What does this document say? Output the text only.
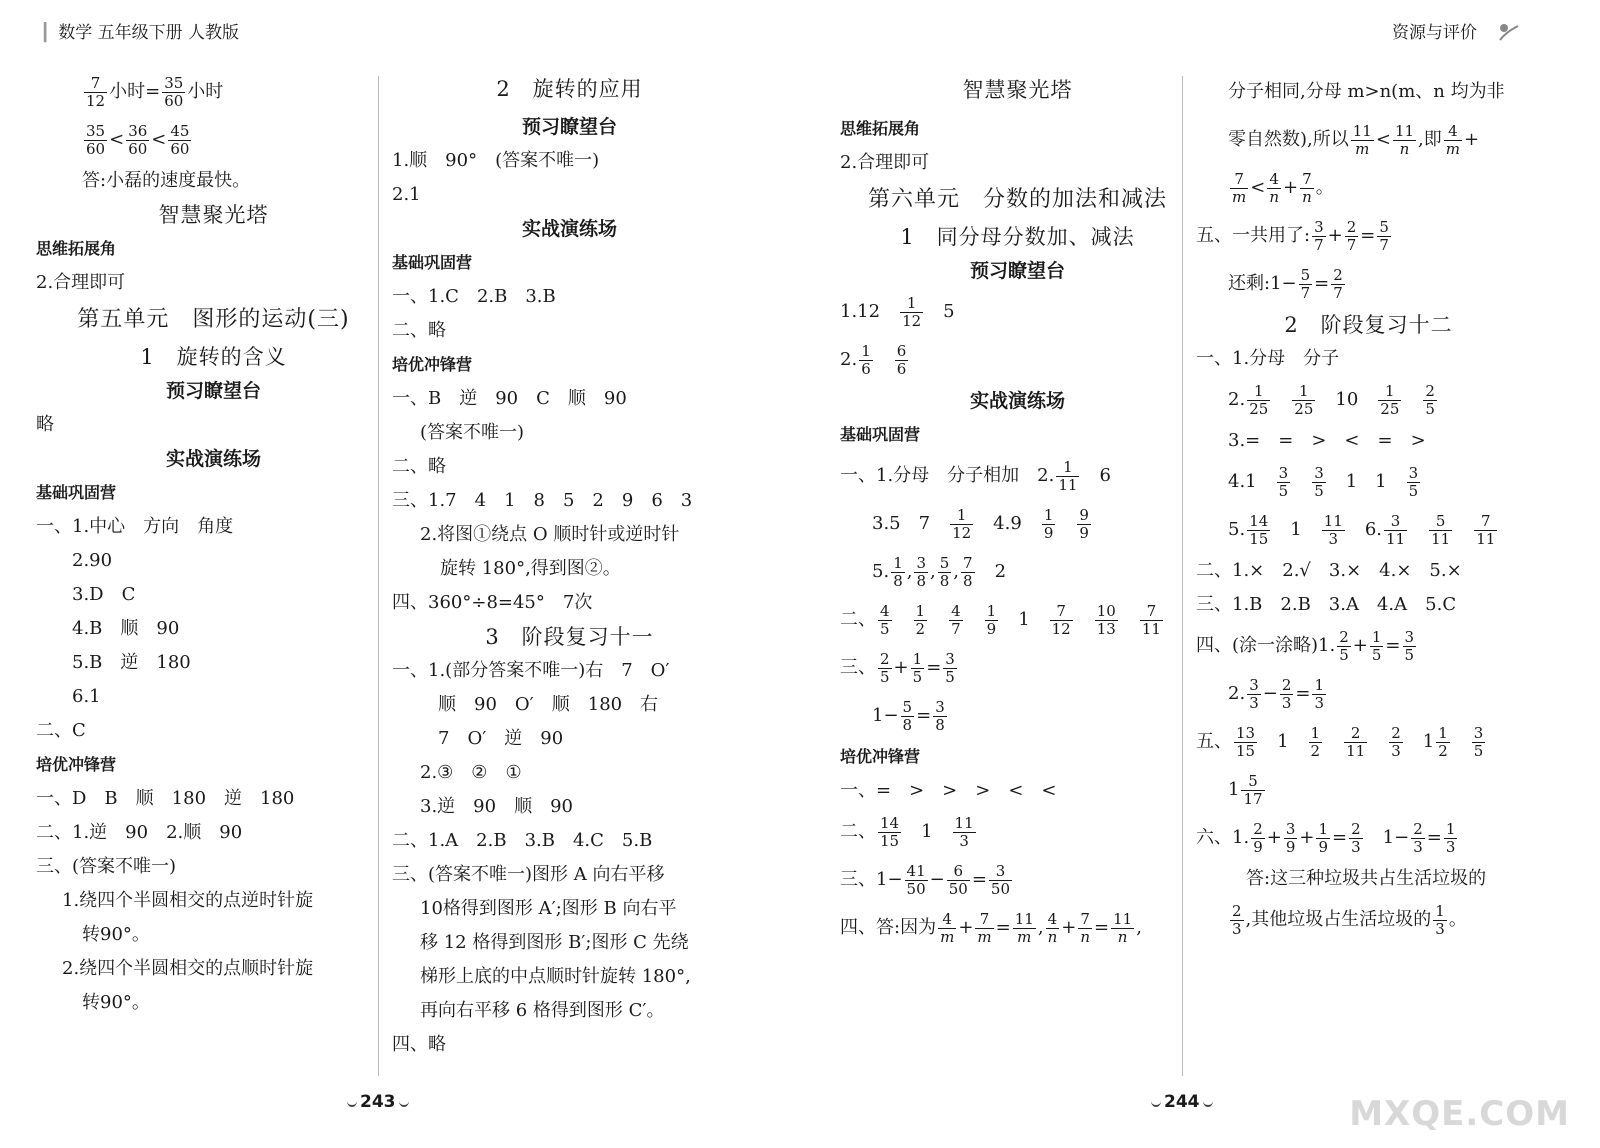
┃ 数学 五年级下册 人教版	资源与评价
$\frac{7}{12}$ 小时= $\frac{35}{60}$ 小时
$\frac{35}{60} < \frac{36}{60} < \frac{45}{60}$
答:小磊的速度最快。
智慧聚光塔
思维拓展角
2.合理即可
第五单元　图形的运动(三)
1　旋转的含义
预习瞭望台
略
实战演练场
基础巩固营
一、1.中心　方向　角度
2.90
3.D　C
4.B　顺　90
5.B　逆　180
6.1
二、C
培优冲锋营
一、D　B　顺　180　逆　180
二、1.逆　90　2.顺　90
三、(答案不唯一)
1.绕四个半圆相交的点逆时针旋
转90°。
2.绕四个半圆相交的点顺时针旋
转90°。
2　旋转的应用
预习瞭望台
1.顺　90°　(答案不唯一)
2.1
实战演练场
基础巩固营
一、1.C　2.B　3.B
二、略
培优冲锋营
一、B　逆　90　C　顺　90
(答案不唯一)
二、略
三、1.7　4　1　8　5　2　9　6　3
2.将图①绕点 O 顺时针或逆时针
旋转 180°,得到图②。
四、360°÷8=45°　7次
3　阶段复习十一
一、1.(部分答案不唯一)右　7　O′
顺　90　O′　顺　180　右
7　O′　逆　90
2.③　②　①
3.逆　90　顺　90
二、1.A　2.B　3.B　4.C　5.B
三、(答案不唯一)图形 A 向右平移
10格得到图形 A′;图形 B 向右平
移 12 格得到图形 B′;图形 C 先绕
梯形上底的中点顺时针旋转 180°,
再向右平移 6 格得到图形 C′。
四、略
智慧聚光塔
思维拓展角
2.合理即可
第六单元　分数的加法和减法
1　同分母分数加、减法
预习瞭望台
1.12　 $\frac{1}{12}$
　 5
2. $\frac{1}{6}$
　 $\frac{6}{6}$
实战演练场
基础巩固营
一、1.分母　分子相加　2. $\frac{1}{11}$
　 6
3.5　7　 $\frac{1}{12}$
　 4.9　 $\frac{1}{9}$
　 $\frac{9}{9}$
5. $\frac{1}{8}$ , $\frac{3}{8}$ , $\frac{5}{8}$ , $\frac{7}{8}$
　 2
二、 $\frac{4}{5}$
　 $\frac{1}{2}$
　 $\frac{4}{7}$
　 $\frac{1}{9}$
　 1　 $\frac{7}{12}$
　 $\frac{10}{13}$
　 $\frac{7}{11}$
三、 $\frac{2}{5} + \frac{1}{5} = \frac{3}{5}$
$1- \frac{5}{8} = \frac{3}{8}$
培优冲锋营
一、=　>　>　>　<　<
二、 $\frac{14}{15}$
　 1　 $\frac{11}{3}$
三、$1- \frac{41}{50} - \frac{6}{50} = \frac{3}{50}$
四、答:因为 $\frac{4}{m} + \frac{7}{m} = \frac{11}{m}$ , $\frac{4}{n} + \frac{7}{n} = \frac{11}{n}$ ,
分子相同,分母 m>n(m、n 均为非
零自然数),所以 $\frac{11}{m} < \frac{11}{n}$ ,即 $\frac{4}{m}$ +
$\frac{7}{m} < \frac{4}{n} + \frac{7}{n}$ 。
五、一共用了: $\frac{3}{7} + \frac{2}{7} = \frac{5}{7}$
还剩:1− $\frac{5}{7} = \frac{2}{7}$
2　阶段复习十二
一、1.分母　分子
2. $\frac{1}{25}$
　 $\frac{1}{25}$
　 10　 $\frac{1}{25}$
　 $\frac{2}{5}$
3.=　=　>　<　=　>
4.1　 $\frac{3}{5}$
　 $\frac{3}{5}$
　 1　1　 $\frac{3}{5}$
5. $\frac{14}{15}$
　 1　 $\frac{11}{3}$
　 6. $\frac{3}{11}$
　 $\frac{5}{11}$
　 $\frac{7}{11}$
二、1.×　2.√　3.×　4.×　5.×
三、1.B　2.B　3.A　4.A　5.C
四、(涂一涂略)1. $\frac{2}{5} + \frac{1}{5} = \frac{3}{5}$
2. $\frac{3}{3} - \frac{2}{3} = \frac{1}{3}$
五、 $\frac{13}{15}$
　 1　 $\frac{1}{2}$
　 $\frac{2}{11}$
　 $\frac{2}{3}$
　 $1 \frac{1}{2}$
　 $\frac{3}{5}$
$1 \frac{5}{17}$
六、1. $\frac{2}{9} + \frac{3}{9} + \frac{1}{9} = \frac{2}{3}$
　 $1- \frac{2}{3} = \frac{1}{3}$
答:这三种垃圾共占生活垃圾的
$\frac{2}{3}$ ,其他垃圾占生活垃圾的 $\frac{1}{3}$ 。
243	244	MXQE.COM
